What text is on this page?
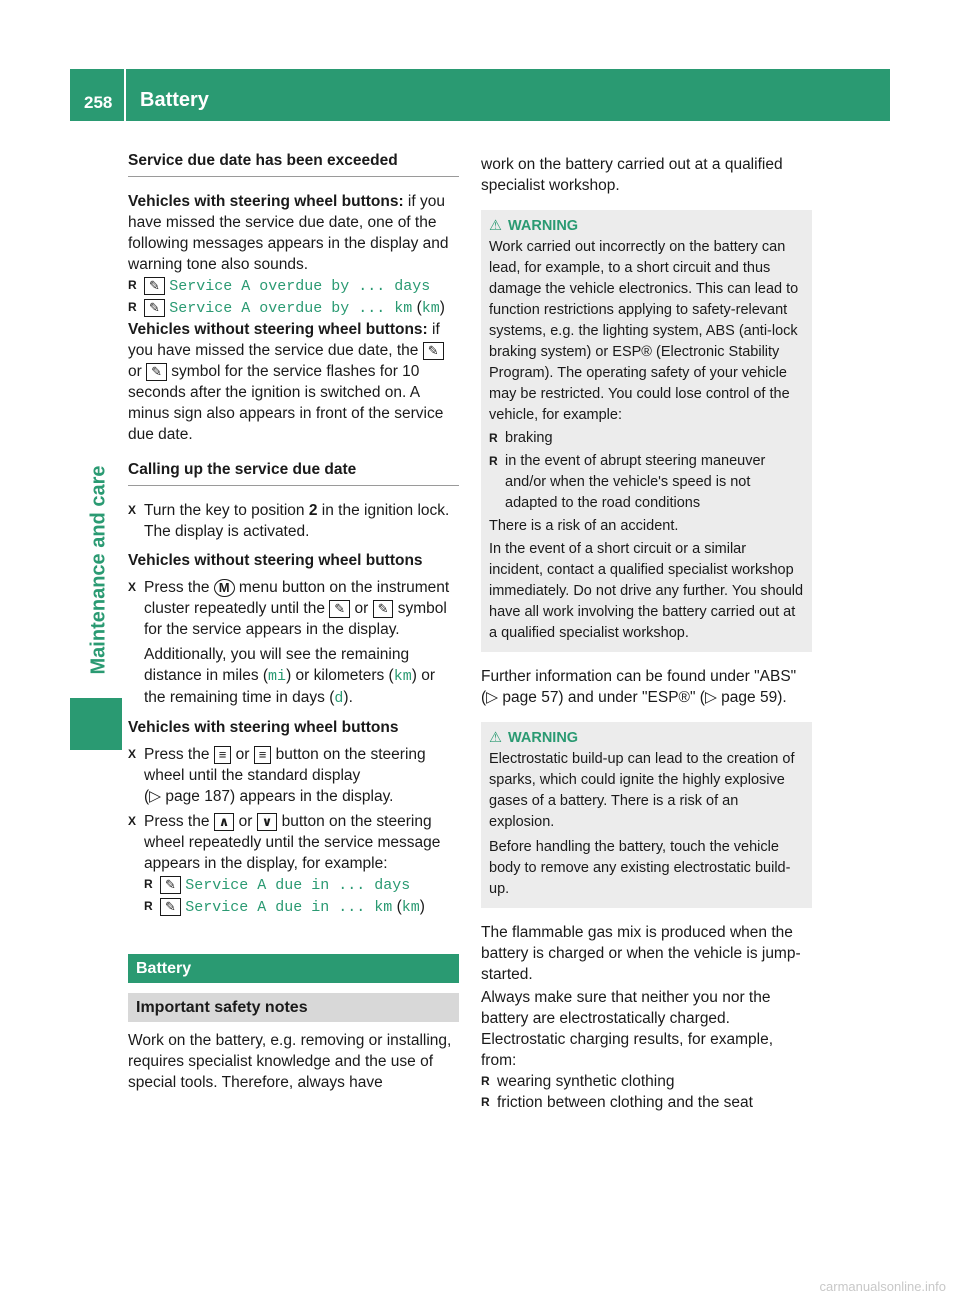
258 Battery
Maintenance and care

Service due date has been exceeded

Vehicles with steering wheel buttons: if you have missed the service due date, one of the following messages appears in the display and warning tone also sounds.

R ✎ Service A overdue by ... days

R ✎ Service A overdue by ... km (km)

Vehicles without steering wheel buttons: if you have missed the service due date, the ✎ or ✎ symbol for the service flashes for 10 seconds after the ignition is switched on. A minus sign also appears in front of the service due date.

Calling up the service due date

X Turn the key to position 2 in the ignition lock.
The display is activated.

Vehicles without steering wheel buttons

X Press the M menu button on the instrument cluster repeatedly until the ✎ or ✎ symbol for the service appears in the display.

Additionally, you will see the remaining distance in miles (mi) or kilometers (km) or the remaining time in days (d).

Vehicles with steering wheel buttons

X Press the ≡ or ≡ button on the steering wheel until the standard display
(▷ page 187) appears in the display.

X Press the ∧ or ∨ button on the steering wheel repeatedly until the service message appears in the display, for example:

R ✎ Service A due in ... days

R ✎ Service A due in ... km (km)

Battery

Important safety notes

Work on the battery, e.g. removing or installing, requires specialist knowledge and the use of special tools. Therefore, always have

work on the battery carried out at a qualified specialist workshop.

⚠ WARNING

Work carried out incorrectly on the battery can lead, for example, to a short circuit and thus damage the vehicle electronics. This can lead to function restrictions applying to safety-relevant systems, e.g. the lighting system, ABS (anti-lock braking system) or ESP® (Electronic Stability Program). The operating safety of your vehicle may be restricted. You could lose control of the vehicle, for example:

R braking

R in the event of abrupt steering maneuver and/or when the vehicle's speed is not adapted to the road conditions

There is a risk of an accident.

In the event of a short circuit or a similar incident, contact a qualified specialist workshop immediately. Do not drive any further. You should have all work involving the battery carried out at a qualified specialist workshop.

Further information can be found under "ABS" (▷ page 57) and under "ESP®" (▷ page 59).

⚠ WARNING

Electrostatic build-up can lead to the creation of sparks, which could ignite the highly explosive gases of a battery. There is a risk of an explosion.

Before handling the battery, touch the vehicle body to remove any existing electrostatic build-up.

The flammable gas mix is produced when the battery is charged or when the vehicle is jump-started.

Always make sure that neither you nor the battery are electrostatically charged. Electrostatic charging results, for example, from:

R wearing synthetic clothing

R friction between clothing and the seat

carmanualsonline.info
